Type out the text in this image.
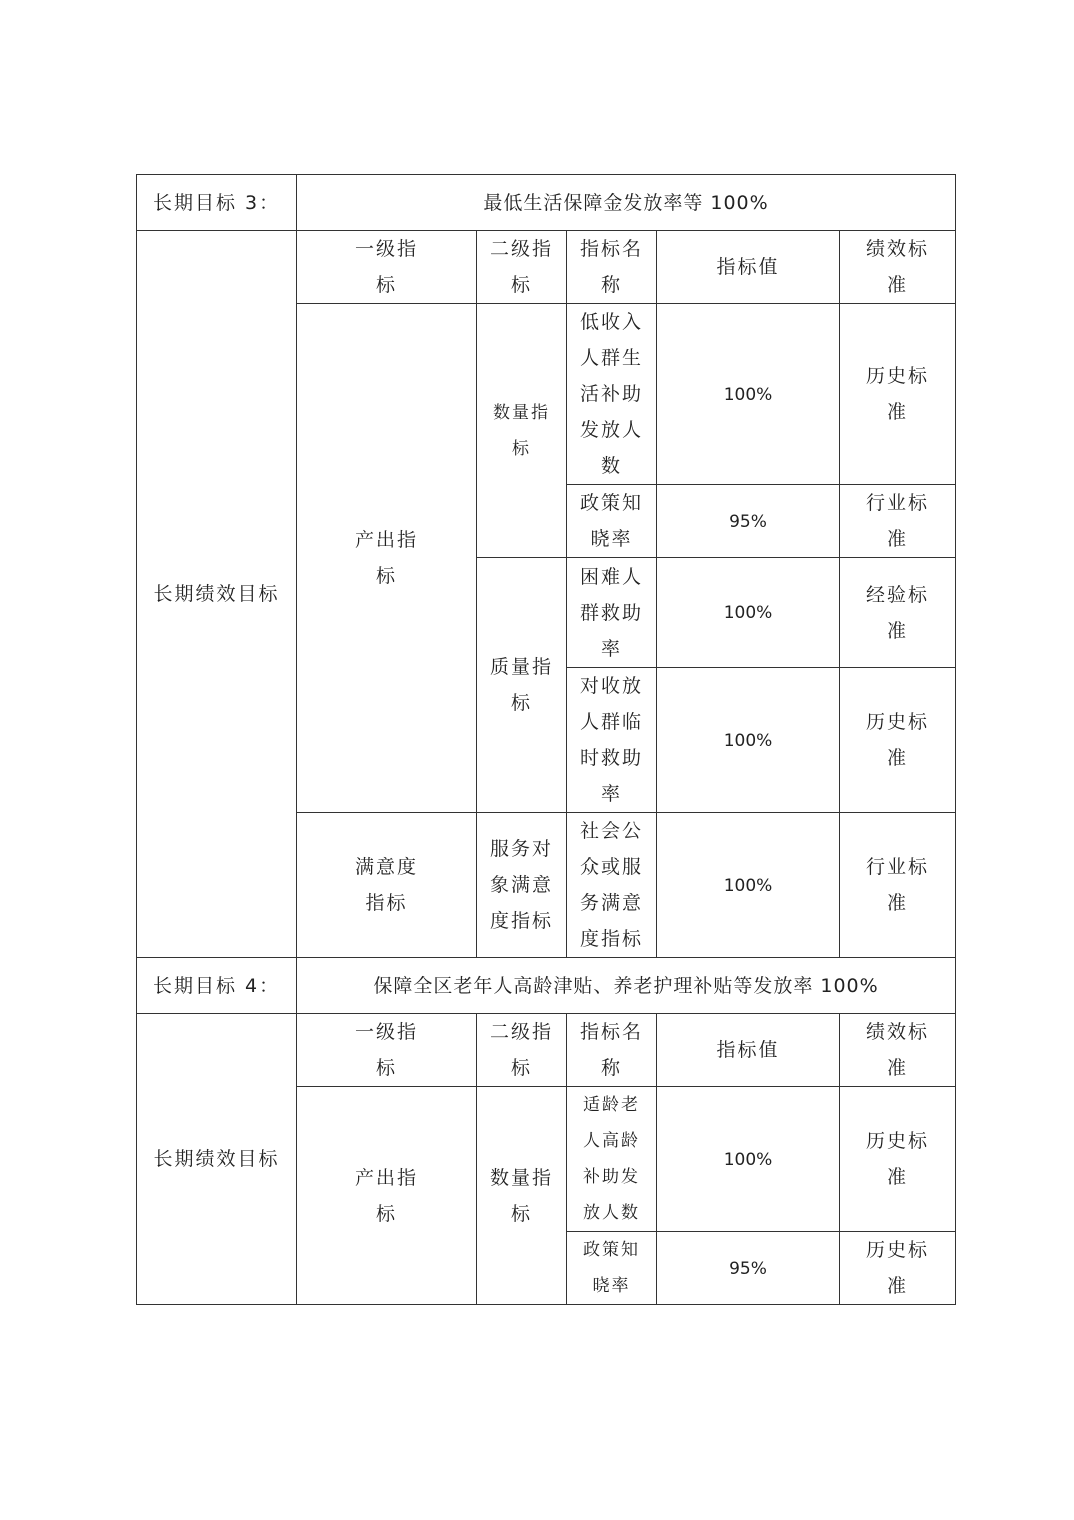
长期目标 3：	最低生活保障金发放率等 100%				
长期绩效目标	一级指标	二级指标	指标名称	指标值	绩效标准
	产出指标	数量指标	低收入人群生活补助发放人数	100%	历史标准
			政策知晓率	95%	行业标准
		质量指标	困难人群救助率	100%	经验标准
			对收放人群临时救助率	100%	历史标准
	满意度指标	服务对象满意度指标	社会公众或服务满意度指标	100%	行业标准
长期目标 4：	保障全区老年人高龄津贴、养老护理补贴等发放率 100%				
长期绩效目标	一级指标	二级指标	指标名称	指标值	绩效标准
	产出指标	数量指标	适龄老人高龄补助发放人数	100%	历史标准
			政策知晓率	95%	历史标准
